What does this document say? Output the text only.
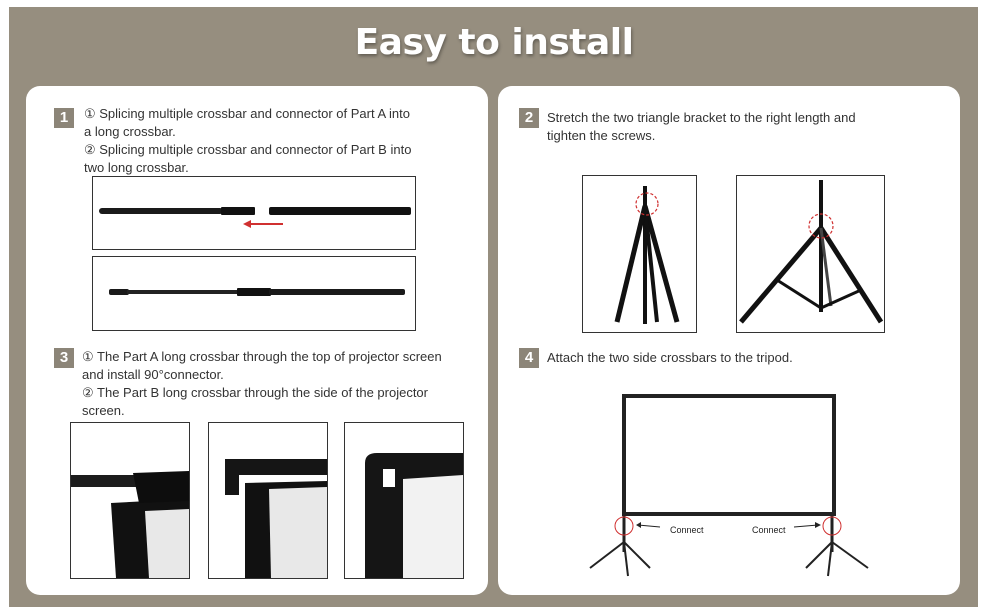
Easy to install
1	① Splicing multiple crossbar and connector of Part A into
a long crossbar.
② Splicing multiple crossbar and connector of Part B into
two long crossbar.
3	① The Part A long crossbar through the top of projector screen
and install 90°connector.
② The Part B long crossbar through the side of the projector
screen.
2	Stretch the two triangle bracket to the right length and
tighten the screws.
4	Attach the two side crossbars to the tripod.
Connect	Connect
